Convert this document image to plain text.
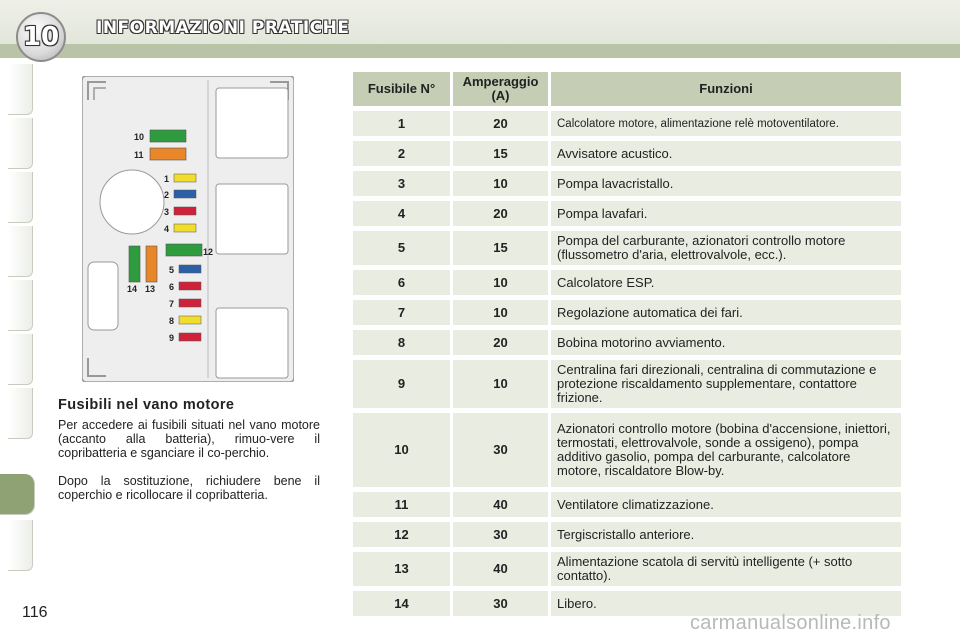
10	INFORMAZIONI PRATICHE
10
11
1
2
3
4
12
5
6
7
8
9
14 13
Fusibili nel vano motore

Per accedere ai fusibili situati nel vano motore (accanto alla batteria), rimuo-vere il copribatteria e sganciare il co-perchio.

Dopo la sostituzione, richiudere bene il coperchio e ricollocare il copribatteria.

Fusibile N°	Amperaggio (A)	Funzioni
1	20	Calcolatore motore, alimentazione relè motoventilatore.
2	15	Avvisatore acustico.
3	10	Pompa lavacristallo.
4	20	Pompa lavafari.
5	15	Pompa del carburante, azionatori controllo motore (flussometro d'aria, elettrovalvole, ecc.).
6	10	Calcolatore ESP.
7	10	Regolazione automatica dei fari.
8	20	Bobina motorino avviamento.
9	10	Centralina fari direzionali, centralina di commutazione e protezione riscaldamento supplementare, contattore frizione.
10	30	Azionatori controllo motore (bobina d'accensione, iniettori, termostati, elettrovalvole, sonde a ossigeno), pompa additivo gasolio, pompa del carburante, calcolatore motore, riscaldatore Blow-by.
11	40	Ventilatore climatizzazione.
12	30	Tergiscristallo anteriore.
13	40	Alimentazione scatola di servitù intelligente (+ sotto contatto).
14	30	Libero.
116	carmanualsonline.info
